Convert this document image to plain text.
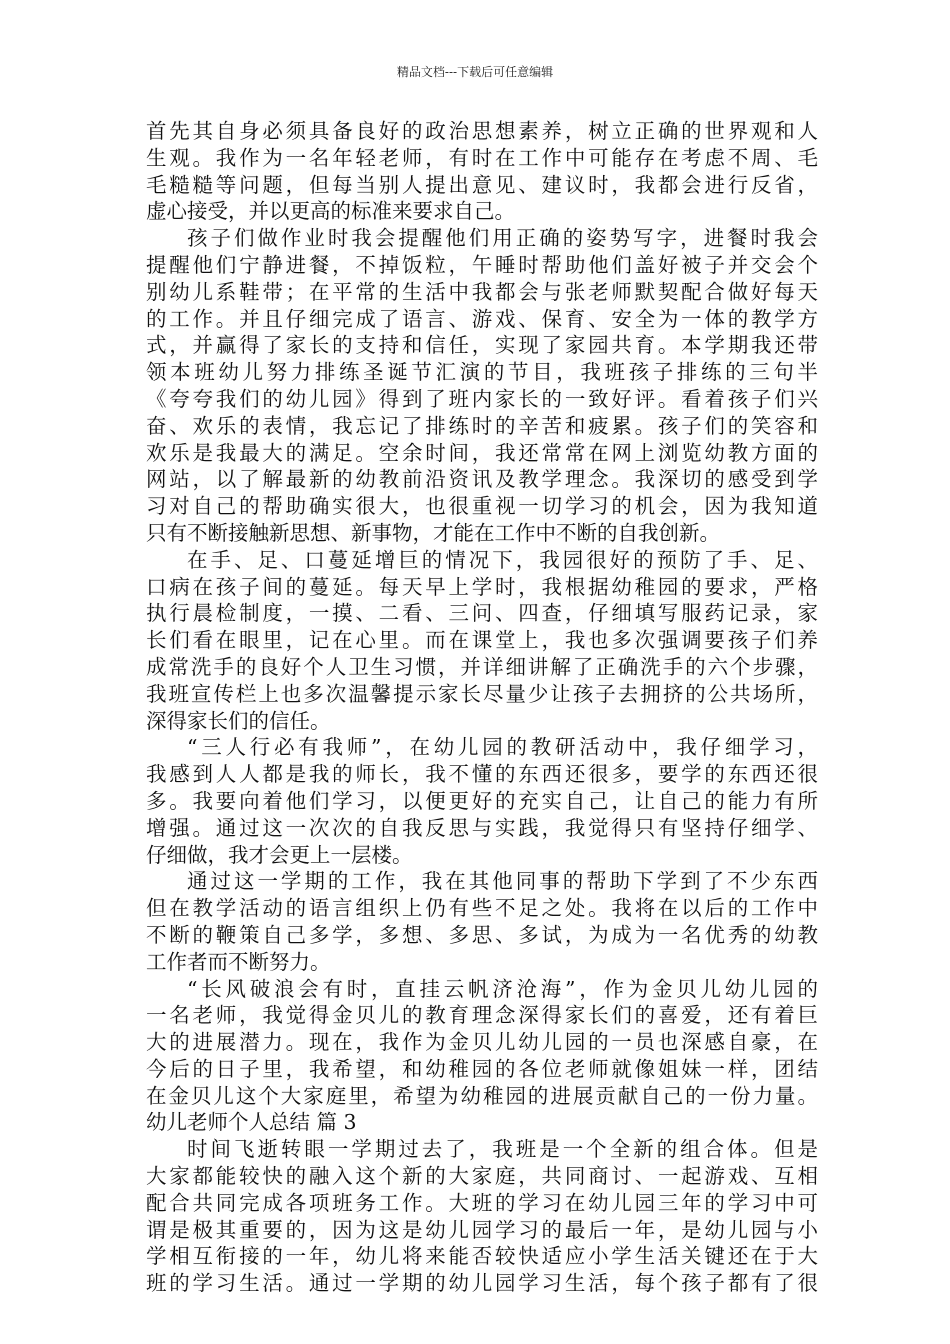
精品文档---下载后可任意编辑
首先其自身必须具备良好的政治思想素养，树立正确的世界观和人
生观。我作为一名年轻老师，有时在工作中可能存在考虑不周、毛
毛糙糙等问题，但每当别人提出意见、建议时，我都会进行反省，
虚心接受，并以更高的标准来要求自己。
孩子们做作业时我会提醒他们用正确的姿势写字，进餐时我会
提醒他们宁静进餐，不掉饭粒，午睡时帮助他们盖好被子并交会个
别幼儿系鞋带；在平常的生活中我都会与张老师默契配合做好每天
的工作。并且仔细完成了语言、游戏、保育、安全为一体的教学方
式，并赢得了家长的支持和信任，实现了家园共育。本学期我还带
领本班幼儿努力排练圣诞节汇演的节目，我班孩子排练的三句半
《夸夸我们的幼儿园》得到了班内家长的一致好评。看着孩子们兴
奋、欢乐的表情，我忘记了排练时的辛苦和疲累。孩子们的笑容和
欢乐是我最大的满足。空余时间，我还常常在网上浏览幼教方面的
网站，以了解最新的幼教前沿资讯及教学理念。我深切的感受到学
习对自己的帮助确实很大，也很重视一切学习的机会，因为我知道
只有不断接触新思想、新事物，才能在工作中不断的自我创新。
在手、足、口蔓延增巨的情况下，我园很好的预防了手、足、
口病在孩子间的蔓延。每天早上学时，我根据幼稚园的要求，严格
执行晨检制度，一摸、二看、三问、四查，仔细填写服药记录，家
长们看在眼里，记在心里。而在课堂上，我也多次强调要孩子们养
成常洗手的良好个人卫生习惯，并详细讲解了正确洗手的六个步骤，
我班宣传栏上也多次温馨提示家长尽量少让孩子去拥挤的公共场所，
深得家长们的信任。
“三人行必有我师”，在幼儿园的教研活动中，我仔细学习，
我感到人人都是我的师长，我不懂的东西还很多，要学的东西还很
多。我要向着他们学习，以便更好的充实自己，让自己的能力有所
增强。通过这一次次的自我反思与实践，我觉得只有坚持仔细学、
仔细做，我才会更上一层楼。
通过这一学期的工作，我在其他同事的帮助下学到了不少东西
但在教学活动的语言组织上仍有些不足之处。我将在以后的工作中
不断的鞭策自己多学，多想、多思、多试，为成为一名优秀的幼教
工作者而不断努力。
“长风破浪会有时，直挂云帆济沧海”，作为金贝儿幼儿园的
一名老师，我觉得金贝儿的教育理念深得家长们的喜爱，还有着巨
大的进展潜力。现在，我作为金贝儿幼儿园的一员也深感自豪，在
今后的日子里，我希望，和幼稚园的各位老师就像姐妹一样，团结
在金贝儿这个大家庭里，希望为幼稚园的进展贡献自己的一份力量。
幼儿老师个人总结 篇 3
时间飞逝转眼一学期过去了，我班是一个全新的组合体。但是
大家都能较快的融入这个新的大家庭，共同商讨、一起游戏、互相
配合共同完成各项班务工作。大班的学习在幼儿园三年的学习中可
谓是极其重要的，因为这是幼儿园学习的最后一年，是幼儿园与小
学相互衔接的一年，幼儿将来能否较快适应小学生活关键还在于大
班的学习生活。通过一学期的幼儿园学习生活，每个孩子都有了很
